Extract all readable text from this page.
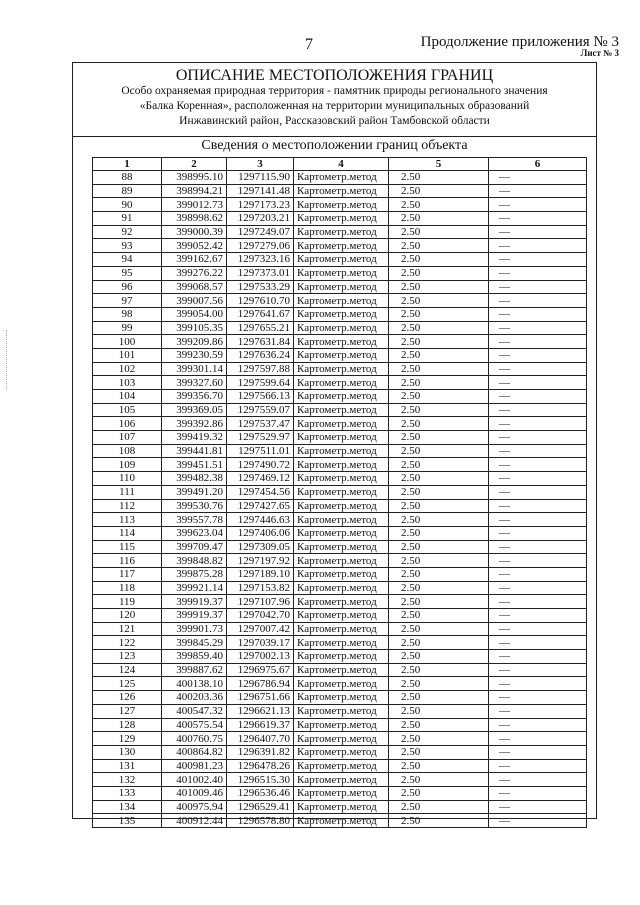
7	Продолжение приложения № 3
Лист № 3
ОПИСАНИЕ МЕСТОПОЛОЖЕНИЯ ГРАНИЦ
Особо охраняемая природная территория - памятник природы регионального значения
«Балка Коренная», расположенная на территории муниципальных образований
Инжавинский район, Рассказовский район Тамбовской области
Сведения о местоположении границ объекта
1	2	3	4	5	6
88	398995.10	1297115.90	Картометр.метод	2.50	—
89	398994.21	1297141.48	Картометр.метод	2.50	—
90	399012.73	1297173.23	Картометр.метод	2.50	—
91	398998.62	1297203.21	Картометр.метод	2.50	—
92	399000.39	1297249.07	Картометр.метод	2.50	—
93	399052.42	1297279.06	Картометр.метод	2.50	—
94	399162.67	1297323.16	Картометр.метод	2.50	—
95	399276.22	1297373.01	Картометр.метод	2.50	—
96	399068.57	1297533.29	Картометр.метод	2.50	—
97	399007.56	1297610.70	Картометр.метод	2.50	—
98	399054.00	1297641.67	Картометр.метод	2.50	—
99	399105.35	1297655.21	Картометр.метод	2.50	—
100	399209.86	1297631.84	Картометр.метод	2.50	—
101	399230.59	1297636.24	Картометр.метод	2.50	—
102	399301.14	1297597.88	Картометр.метод	2.50	—
103	399327.60	1297599.64	Картометр.метод	2.50	—
104	399356.70	1297566.13	Картометр.метод	2.50	—
105	399369.05	1297559.07	Картометр.метод	2.50	—
106	399392.86	1297537.47	Картометр.метод	2.50	—
107	399419.32	1297529.97	Картометр.метод	2.50	—
108	399441.81	1297511.01	Картометр.метод	2.50	—
109	399451.51	1297490.72	Картометр.метод	2.50	—
110	399482.38	1297469.12	Картометр.метод	2.50	—
111	399491.20	1297454.56	Картометр.метод	2.50	—
112	399530.76	1297427.65	Картометр.метод	2.50	—
113	399557.78	1297446.63	Картометр.метод	2.50	—
114	399623.04	1297406.06	Картометр.метод	2.50	—
115	399709.47	1297309.05	Картометр.метод	2.50	—
116	399848.82	1297197.92	Картометр.метод	2.50	—
117	399875.28	1297189.10	Картометр.метод	2.50	—
118	399921.14	1297153.82	Картометр.метод	2.50	—
119	399919.37	1297107.96	Картометр.метод	2.50	—
120	399919.37	1297042.70	Картометр.метод	2.50	—
121	399901.73	1297007.42	Картометр.метод	2.50	—
122	399845.29	1297039.17	Картометр.метод	2.50	—
123	399859.40	1297002.13	Картометр.метод	2.50	—
124	399887.62	1296975.67	Картометр.метод	2.50	—
125	400138.10	1296786.94	Картометр.метод	2.50	—
126	400203.36	1296751.66	Картометр.метод	2.50	—
127	400547.32	1296621.13	Картометр.метод	2.50	—
128	400575.54	1296619.37	Картометр.метод	2.50	—
129	400760.75	1296407.70	Картометр.метод	2.50	—
130	400864.82	1296391.82	Картометр.метод	2.50	—
131	400981.23	1296478.26	Картометр.метод	2.50	—
132	401002.40	1296515.30	Картометр.метод	2.50	—
133	401009.46	1296536.46	Картометр.метод	2.50	—
134	400975.94	1296529.41	Картометр.метод	2.50	—
135	400912.44	1296578.80	Картометр.метод	2.50	—
